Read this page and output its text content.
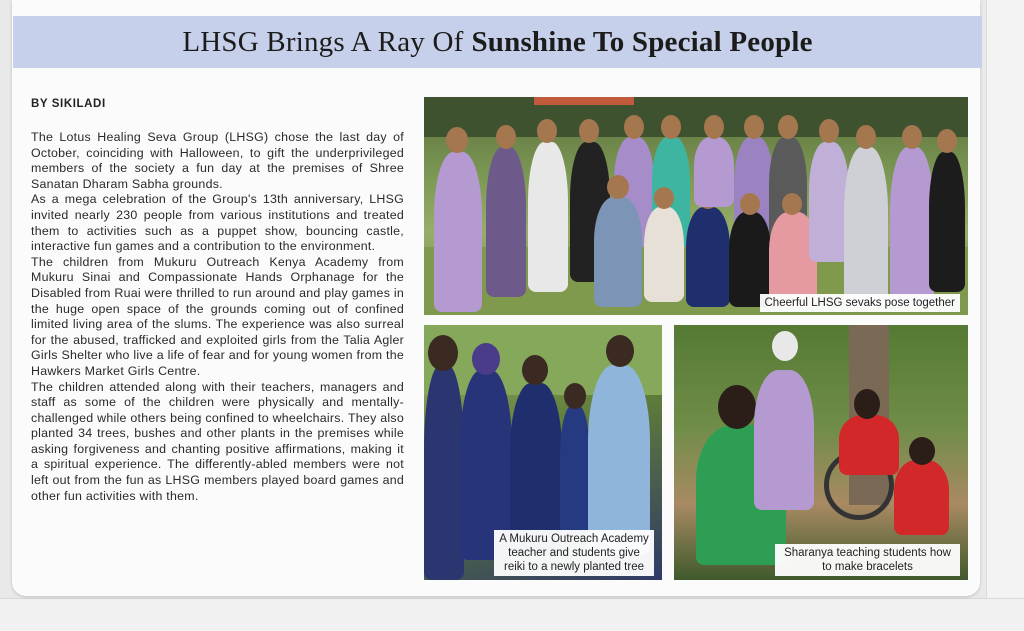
LHSG Brings A Ray Of Sunshine To Special People
BY SIKILADI

The Lotus Healing Seva Group (LHSG) chose the last day of October, coinciding with Halloween, to gift the underprivileged members of the society a fun day at the premises of Shree Sanatan Dharam Sabha grounds.

As a mega celebration of the Group's 13th anniversary, LHSG invited nearly 230 people from various institutions and treated them to activities such as a puppet show, bouncing castle, interactive fun games and a contribution to the environment.

The children from Mukuru Outreach Kenya Academy from Mukuru Sinai and Compassionate Hands Orphanage for the Disabled from Ruai were thrilled to run around and play games in the huge open space of the grounds coming out of confined limited living area of the slums. The experience was also surreal for the abused, trafficked and exploited girls from the Talia Agler Girls Shelter who live a life of fear and for young women from the Hawkers Market Girls Centre.

The children attended along with their teachers, managers and staff as some of the children were physically and mentally-challenged while others being confined to wheelchairs. They also planted 34 trees, bushes and other plants in the premises while asking forgiveness and chanting positive affirmations, making it a spiritual experience. The differently-abled members were not left out from the fun as LHSG members played board games and other fun activities with them.

Cheerful LHSG sevaks pose together
A Mukuru Outreach Academy teacher and students give reiki to a newly planted tree
Sharanya teaching students how to make bracelets
